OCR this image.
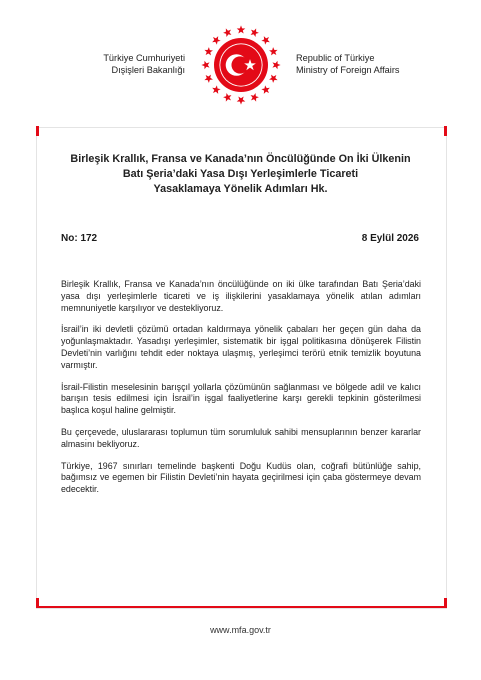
Türkiye Cumhuriyeti
Dışişleri Bakanlığı
Republic of Türkiye
Ministry of Foreign Affairs
Birleşik Krallık, Fransa ve Kanada’nın Öncülüğünde On İki Ülkenin
Batı Şeria’daki Yasa Dışı Yerleşimlerle Ticareti
Yasaklamaya Yönelik Adımları Hk.
No: 172	8 Eylül 2026

Birleşik Krallık, Fransa ve Kanada’nın öncülüğünde on iki ülke tarafından Batı Şeria’daki yasa dışı yerleşimlerle ticareti ve iş ilişkilerini yasaklamaya yönelik atılan adımları memnuniyetle karşılıyor ve destekliyoruz.

İsrail’in iki devletli çözümü ortadan kaldırmaya yönelik çabaları her geçen gün daha da yoğunlaşmaktadır. Yasadışı yerleşimler, sistematik bir işgal politikasına dönüşerek Filistin Devleti’nin varlığını tehdit eder noktaya ulaşmış, yerleşimci terörü etnik temizlik boyutuna varmıştır.

İsrail-Filistin meselesinin barışçıl yollarla çözümünün sağlanması ve bölgede adil ve kalıcı barışın tesis edilmesi için İsrail’in işgal faaliyetlerine karşı gerekli tepkinin gösterilmesi başlıca koşul haline gelmiştir.

Bu çerçevede, uluslararası toplumun tüm sorumluluk sahibi mensuplarının benzer kararlar alması̇nı bekliyoruz.

Türkiye, 1967 sınırları temelinde başkenti Doğu Kudüs olan, coğrafi bütünlüğe sahip, bağımsız ve egemen bir Filistin Devleti’nin hayata geçirilmesi için çaba göstermeye devam edecektir.

www.mfa.gov.tr
